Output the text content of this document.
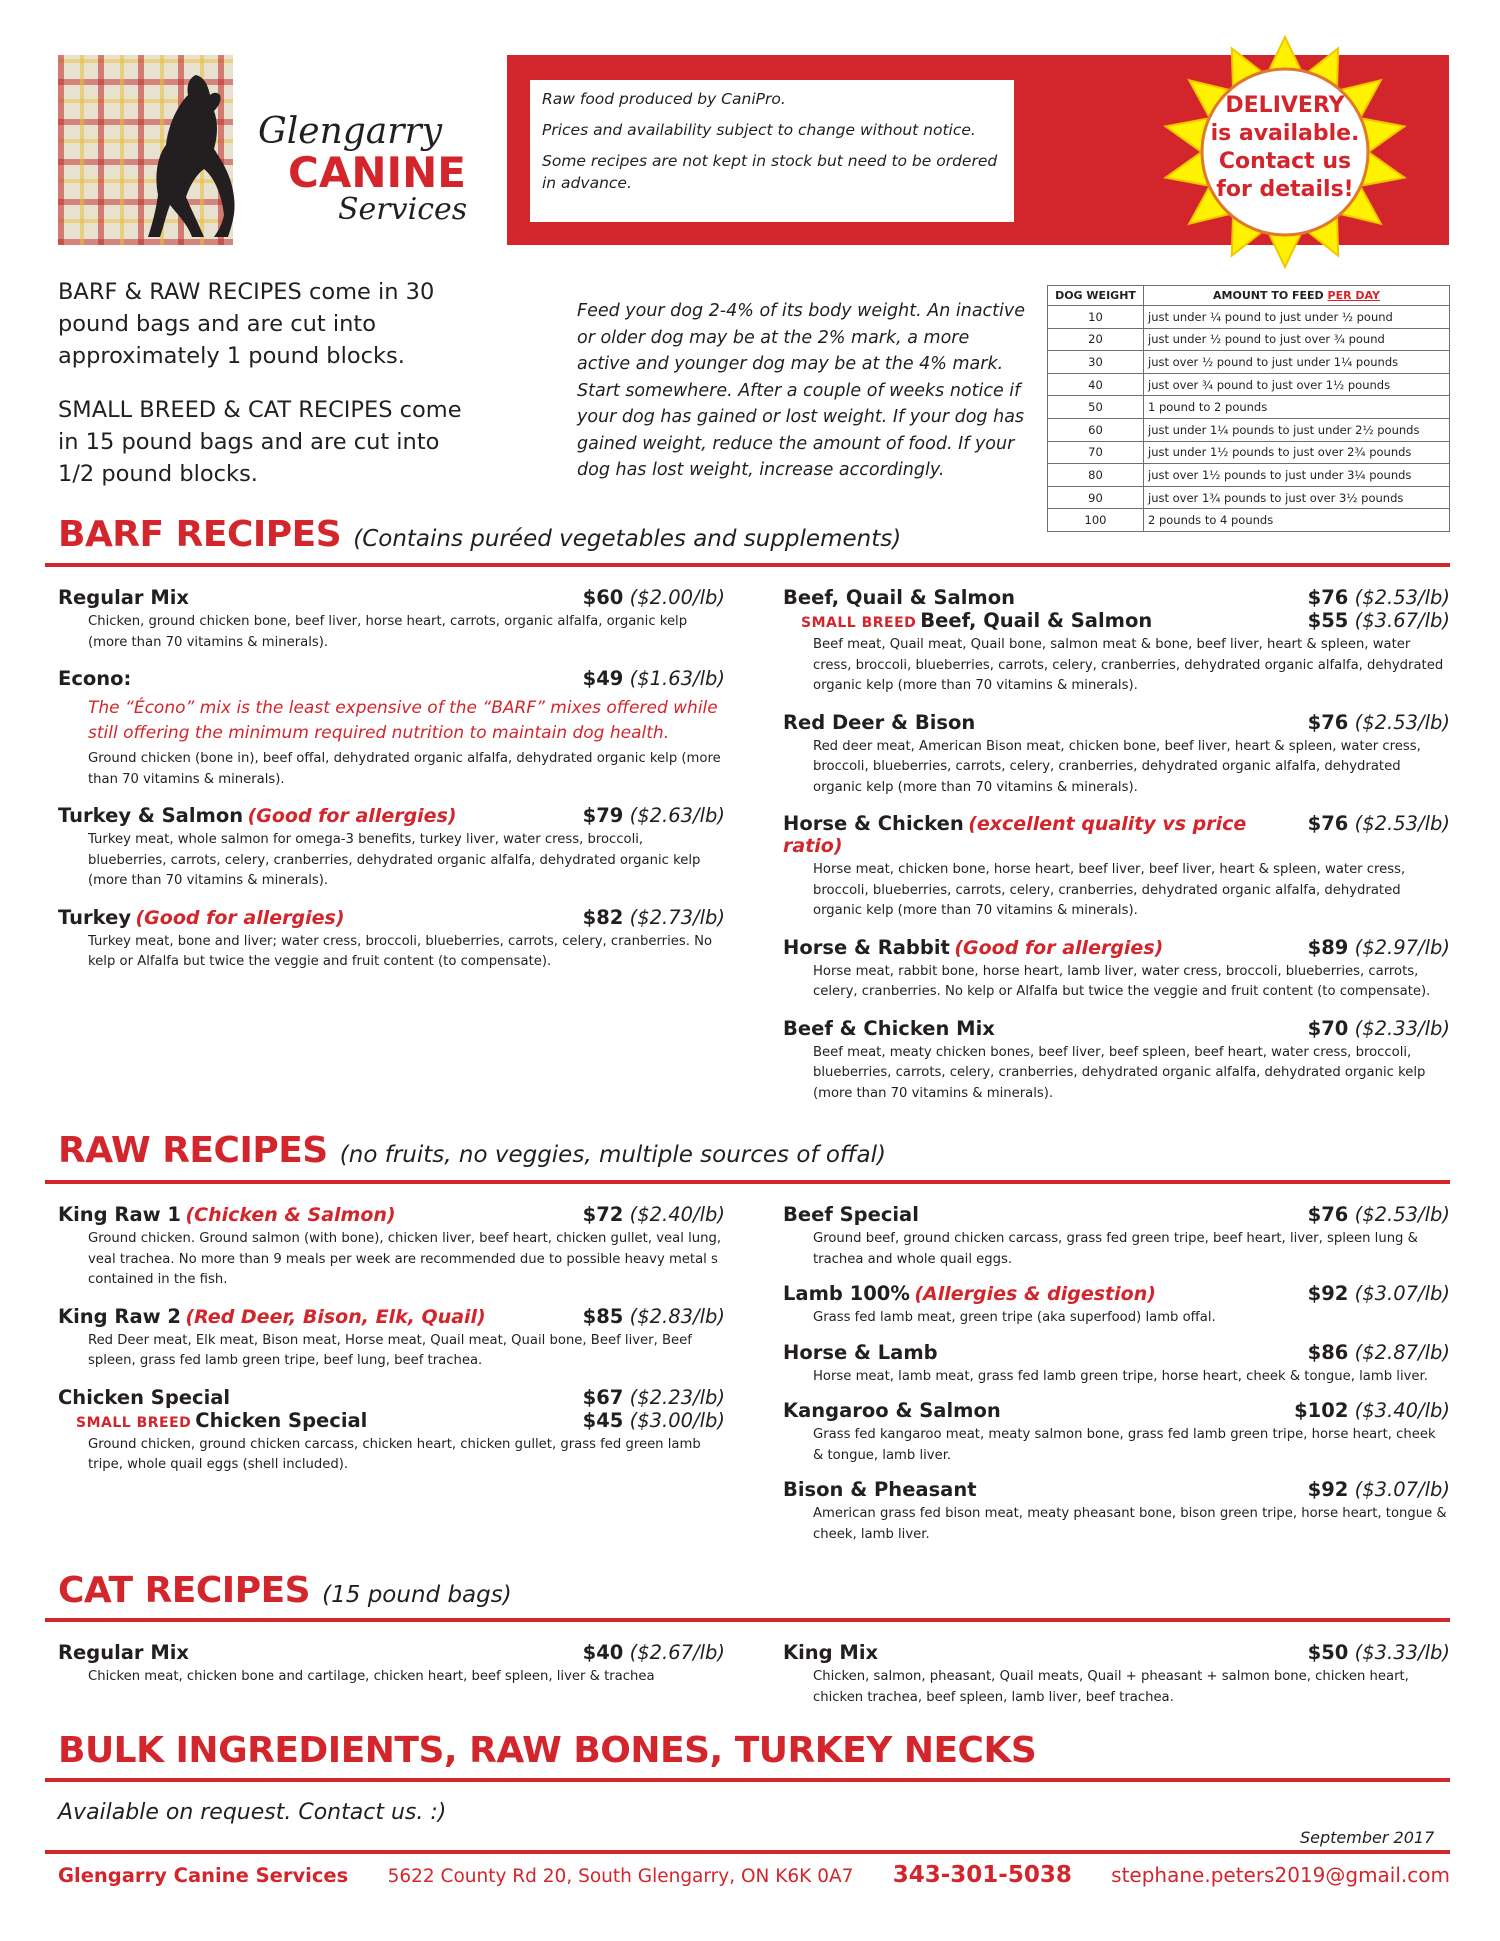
Glengarry
CANINE
Services

Raw food produced by CaniPro.

Prices and availability subject to change without notice.

Some recipes are not kept in stock but need to be ordered in advance.

DELIVERY
is available.
Contact us
for details!
BARF & RAW RECIPES come in 30 pound bags and are cut into approximately 1 pound blocks.
SMALL BREED & CAT RECIPES come in 15 pound bags and are cut into 1/2 pound blocks.
Feed your dog 2-4% of its body weight. An inactive or older dog may be at the 2% mark, a more active and younger dog may be at the 4% mark. Start somewhere. After a couple of weeks notice if your dog has gained or lost weight. If your dog has gained weight, reduce the amount of food. If your dog has lost weight, increase accordingly.
DOG WEIGHT	AMOUNT TO FEED PER DAY
10	just under ¼ pound to just under ½ pound
20	just under ½ pound to just over ¾ pound
30	just over ½ pound to just under 1¼ pounds
40	just over ¾ pound to just over 1½ pounds
50	1 pound to 2 pounds
60	just under 1¼ pounds to just under 2½ pounds
70	just under 1½ pounds to just over 2¾ pounds
80	just over 1½ pounds to just under 3¼ pounds
90	just over 1¾ pounds to just over 3½ pounds
100	2 pounds to 4 pounds
BARF RECIPES (Contains puréed vegetables and supplements)
Regular Mix	$60 ($2.00/lb)
Chicken, ground chicken bone, beef liver, horse heart, carrots, organic alfalfa, organic kelp (more than 70 vitamins & minerals).
Econo:	$49 ($1.63/lb)
The “Écono” mix is the least expensive of the “BARF” mixes offered while still offering the minimum required nutrition to maintain dog health.
Ground chicken (bone in), beef offal, dehydrated organic alfalfa, dehydrated organic kelp (more than 70 vitamins & minerals).
Turkey & Salmon (Good for allergies)	$79 ($2.63/lb)
Turkey meat, whole salmon for omega-3 benefits, turkey liver, water cress, broccoli, blueberries, carrots, celery, cranberries, dehydrated organic alfalfa, dehydrated organic kelp (more than 70 vitamins & minerals).
Turkey (Good for allergies)	$82 ($2.73/lb)
Turkey meat, bone and liver; water cress, broccoli, blueberries, carrots, celery, cranberries. No kelp or Alfalfa but twice the veggie and fruit content (to compensate).
Beef, Quail & Salmon	$76 ($2.53/lb)
SMALL BREED Beef, Quail & Salmon	$55 ($3.67/lb)
Beef meat, Quail meat, Quail bone, salmon meat & bone, beef liver, heart & spleen, water cress, broccoli, blueberries, carrots, celery, cranberries, dehydrated organic alfalfa, dehydrated organic kelp (more than 70 vitamins & minerals).
Red Deer & Bison	$76 ($2.53/lb)
Red deer meat, American Bison meat, chicken bone, beef liver, heart & spleen, water cress, broccoli, blueberries, carrots, celery, cranberries, dehydrated organic alfalfa, dehydrated organic kelp (more than 70 vitamins & minerals).
Horse & Chicken (excellent quality vs price ratio)
$76 ($2.53/lb)
Horse meat, chicken bone, horse heart, beef liver, beef liver, heart & spleen, water cress, broccoli, blueberries, carrots, celery, cranberries, dehydrated organic alfalfa, dehydrated organic kelp (more than 70 vitamins & minerals).
Horse & Rabbit (Good for allergies)	$89 ($2.97/lb)
Horse meat, rabbit bone, horse heart, lamb liver, water cress, broccoli, blueberries, carrots, celery, cranberries. No kelp or Alfalfa but twice the veggie and fruit content (to compensate).
Beef & Chicken Mix	$70 ($2.33/lb)
Beef meat, meaty chicken bones, beef liver, beef spleen, beef heart, water cress, broccoli, blueberries, carrots, celery, cranberries, dehydrated organic alfalfa, dehydrated organic kelp (more than 70 vitamins & minerals).
RAW RECIPES (no fruits, no veggies, multiple sources of offal)
King Raw 1 (Chicken & Salmon)	$72 ($2.40/lb)
Ground chicken. Ground salmon (with bone), chicken liver, beef heart, chicken gullet, veal lung, veal trachea. No more than 9 meals per week are recommended due to possible heavy metal s contained in the fish.
King Raw 2 (Red Deer, Bison, Elk, Quail)	$85 ($2.83/lb)
Red Deer meat, Elk meat, Bison meat, Horse meat, Quail meat, Quail bone, Beef liver, Beef spleen, grass fed lamb green tripe, beef lung, beef trachea.
Chicken Special	$67 ($2.23/lb)
SMALL BREED Chicken Special	$45 ($3.00/lb)
Ground chicken, ground chicken carcass, chicken heart, chicken gullet, grass fed green lamb tripe, whole quail eggs (shell included).
Beef Special	$76 ($2.53/lb)
Ground beef, ground chicken carcass, grass fed green tripe, beef heart, liver, spleen lung & trachea and whole quail eggs.
Lamb 100% (Allergies & digestion)	$92 ($3.07/lb)
Grass fed lamb meat, green tripe (aka superfood) lamb offal.
Horse & Lamb	$86 ($2.87/lb)
Horse meat, lamb meat, grass fed lamb green tripe, horse heart, cheek & tongue, lamb liver.
Kangaroo & Salmon	$102 ($3.40/lb)
Grass fed kangaroo meat, meaty salmon bone, grass fed lamb green tripe, horse heart, cheek & tongue, lamb liver.
Bison & Pheasant	$92 ($3.07/lb)
American grass fed bison meat, meaty pheasant bone, bison green tripe, horse heart, tongue & cheek, lamb liver.
CAT RECIPES (15 pound bags)
Regular Mix	$40 ($2.67/lb)
Chicken meat, chicken bone and cartilage, chicken heart, beef spleen, liver & trachea
King Mix	$50 ($3.33/lb)
Chicken, salmon, pheasant, Quail meats, Quail + pheasant + salmon bone, chicken heart, chicken trachea, beef spleen, lamb liver, beef trachea.
BULK INGREDIENTS, RAW BONES, TURKEY NECKS
Available on request. Contact us. :)
September 2017
Glengarry Canine Services 5622 County Rd 20, South Glengarry, ON K6K 0A7 343-301-5038 stephane.peters2019@gmail.com
